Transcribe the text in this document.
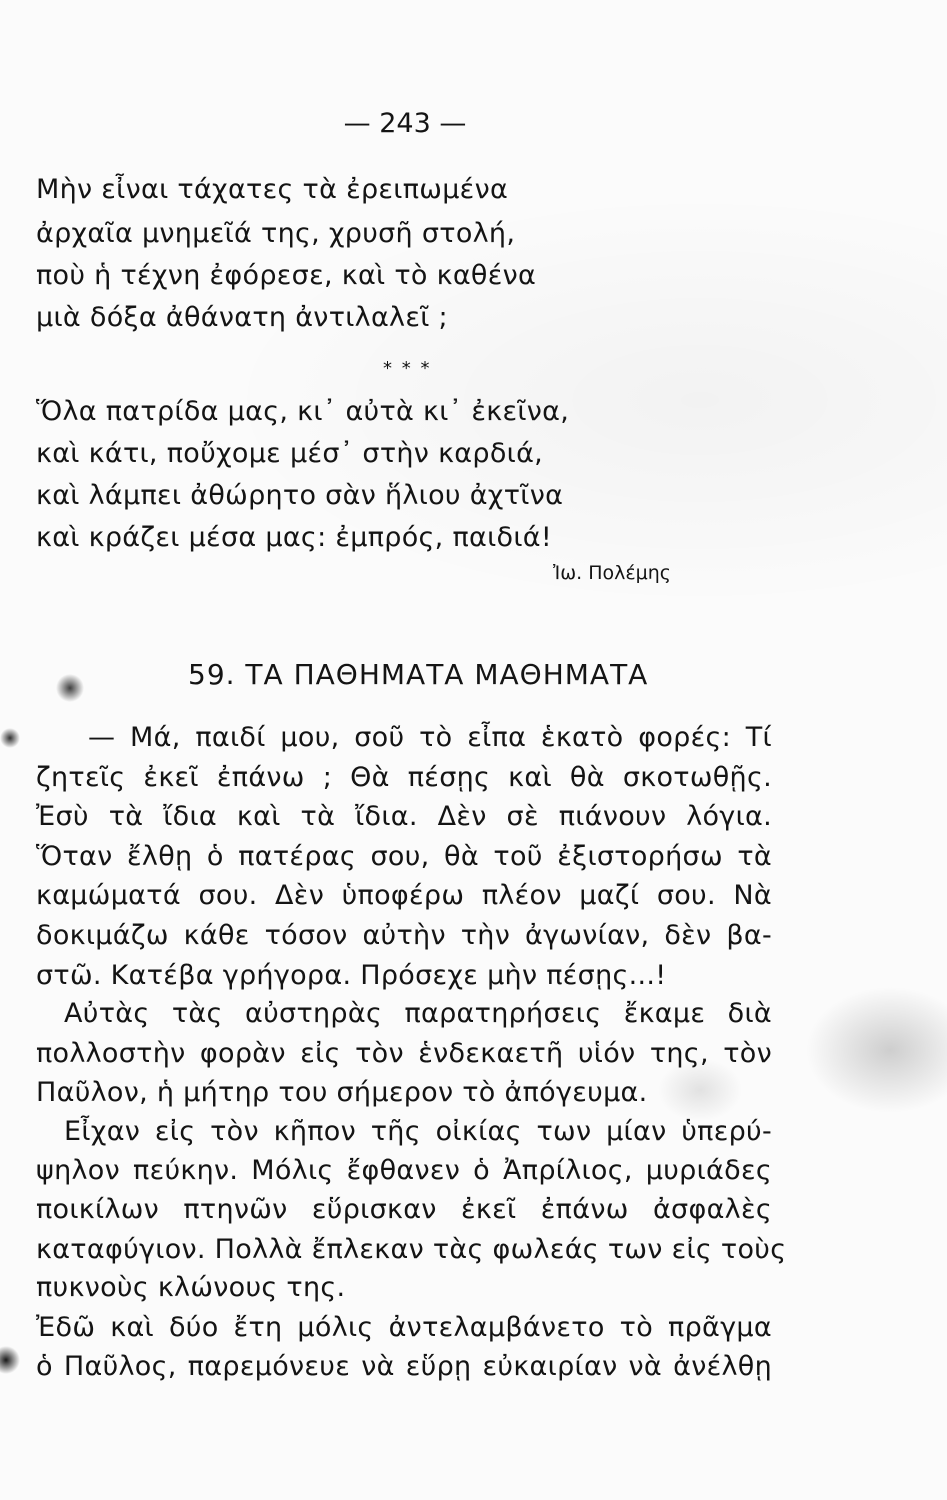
— 243 —
Μὴν εἶναι τάχατες τὰ ἐρειπωμένα
ἀρχαῖα μνημεῖά της, χρυσῆ στολή,
ποὺ ἡ τέχνη ἐφόρεσε, καὶ τὸ καθένα
μιὰ δόξα ἀθάνατη ἀντιλαλεῖ ;
* * *
Ὅλα πατρίδα μας, κι᾽ αὐτὰ κι᾽ ἐκεῖνα,
καὶ κάτι, ποὔχομε μέσ᾽ στὴν καρδιά,
καὶ λάμπει ἀθώρητο σὰν ἥλιου ἀχτῖνα
καὶ κράζει μέσα μας: ἐμπρός, παιδιά!
Ἰω. Πολέμης
59. ΤΑ ΠΑΘΗΜΑΤΑ ΜΑΘΗΜΑΤΑ
— Μά, παιδί μου, σοῦ τὸ εἶπα ἑκατὸ φορές: Τί
ζητεῖς ἐκεῖ ἐπάνω ; Θὰ πέσῃς καὶ θὰ σκοτωθῇς.
Ἐσὺ τὰ ἴδια καὶ τὰ ἴδια. Δὲν σὲ πιάνουν λόγια.
Ὅταν ἔλθῃ ὁ πατέρας σου, θὰ τοῦ ἐξιστορήσω τὰ
καμώματά σου. Δὲν ὑποφέρω πλέον μαζί σου. Νὰ
δοκιμάζω κάθε τόσον αὐτὴν τὴν ἀγωνίαν, δὲν βα-
στῶ. Κατέβα γρήγορα. Πρόσεχε μὴν πέσῃς...!
Αὐτὰς τὰς αὐστηρὰς παρατηρήσεις ἔκαμε διὰ
πολλοστὴν φορὰν εἰς τὸν ἑνδεκαετῆ υἱόν της, τὸν
Παῦλον, ἡ μήτηρ του σήμερον τὸ ἀπόγευμα.
Εἶχαν εἰς τὸν κῆπον τῆς οἰκίας των μίαν ὑπερύ-
ψηλον πεύκην. Μόλις ἔφθανεν ὁ Ἀπρίλιος, μυριάδες
ποικίλων πτηνῶν εὕρισκαν ἐκεῖ ἐπάνω ἀσφαλὲς
καταφύγιον. Πολλὰ ἔπλεκαν τὰς φωλεάς των εἰς τοὺς
πυκνοὺς κλώνους της.
Ἐδῶ καὶ δύο ἔτη μόλις ἀντελαμβάνετο τὸ πρᾶγμα
ὁ Παῦλος, παρεμόνευε νὰ εὕρῃ εὐκαιρίαν νὰ ἀνέλθῃ
